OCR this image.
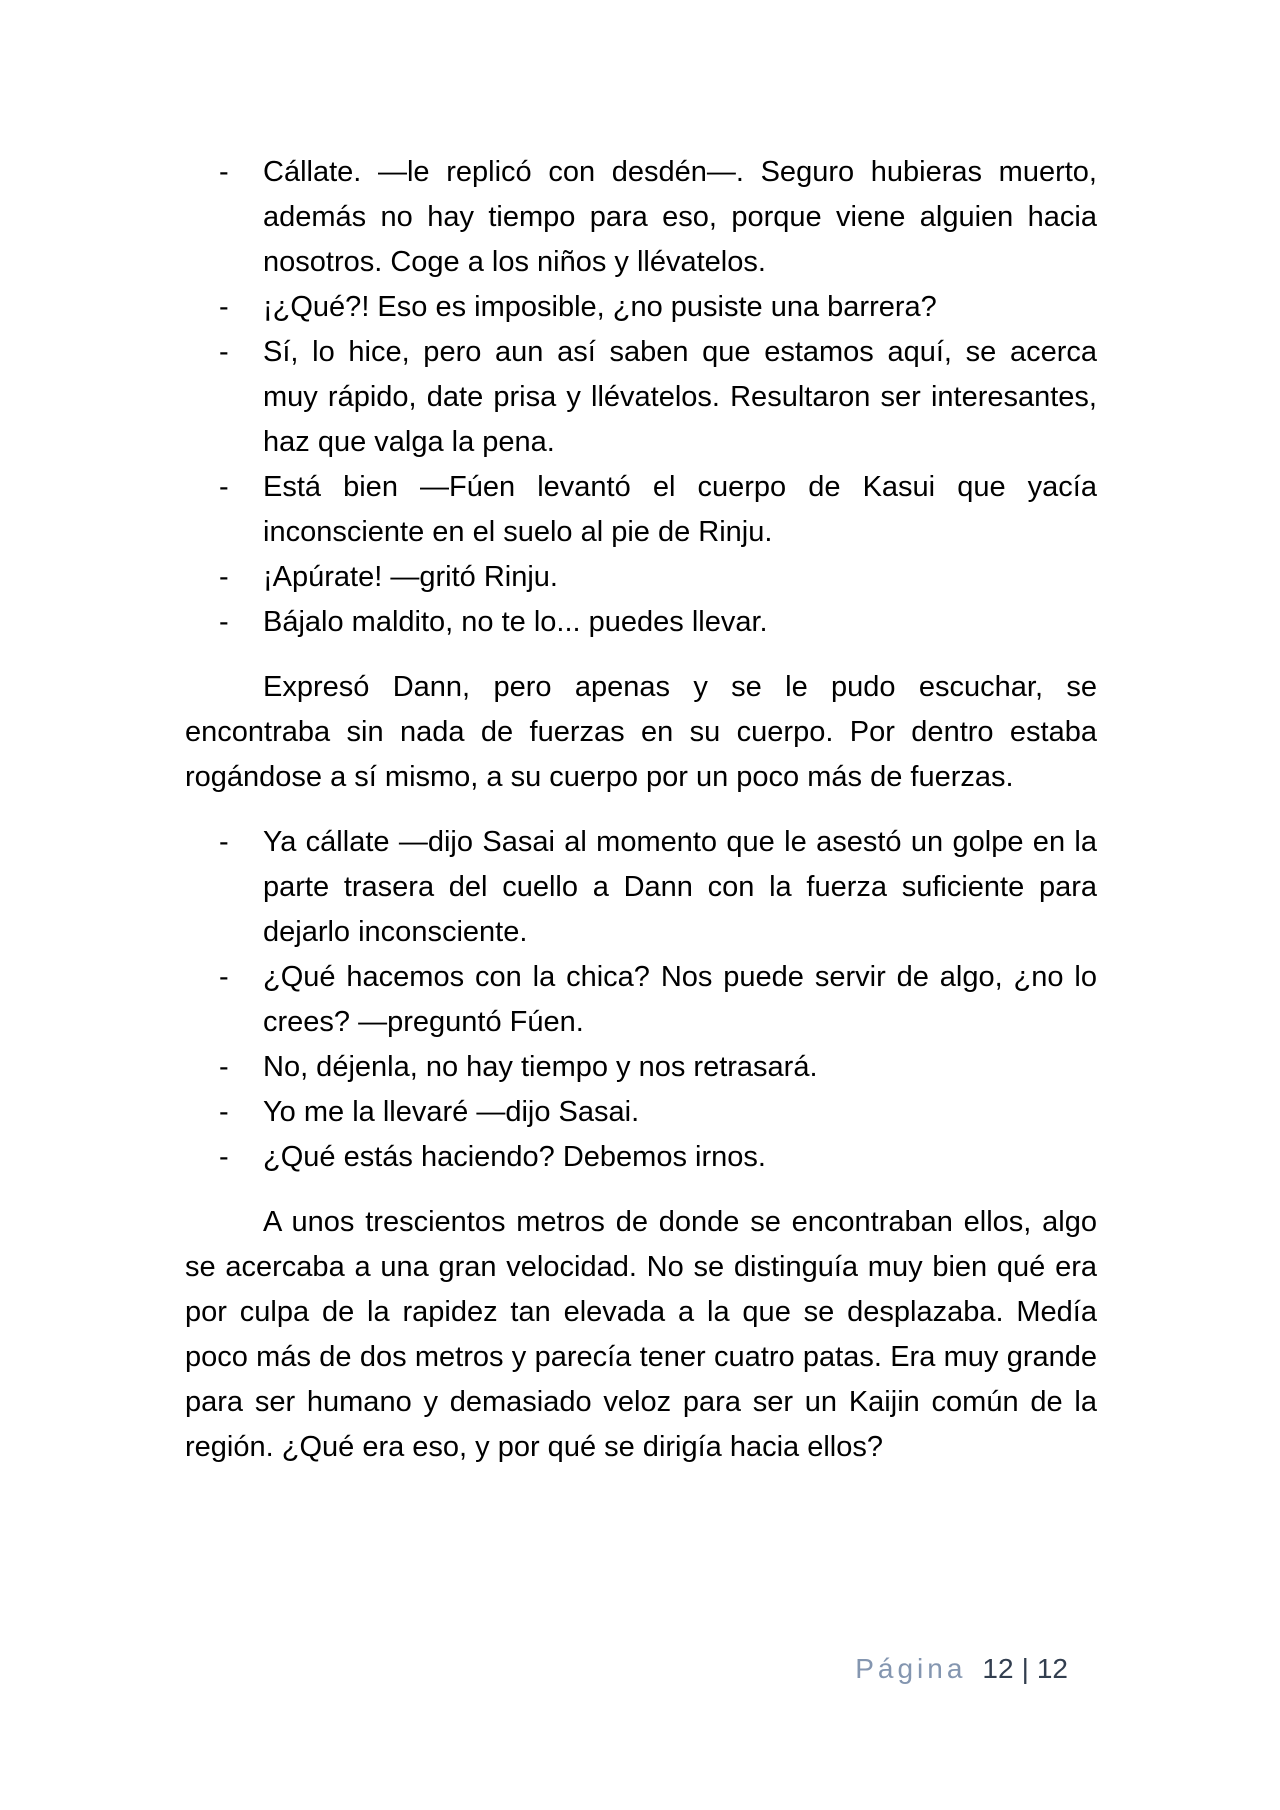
- Cállate. —le replicó con desdén—. Seguro hubieras muerto, además no hay tiempo para eso, porque viene alguien hacia nosotros. Coge a los niños y llévatelos.
- ¡¿Qué?! Eso es imposible, ¿no pusiste una barrera?
- Sí, lo hice, pero aun así saben que estamos aquí, se acerca muy rápido, date prisa y llévatelos. Resultaron ser interesantes, haz que valga la pena.
- Está bien —Fúen levantó el cuerpo de Kasui que yacía inconsciente en el suelo al pie de Rinju.
- ¡Apúrate! —gritó Rinju.
- Bájalo maldito, no te lo... puedes llevar.

Expresó Dann, pero apenas y se le pudo escuchar, se encontraba sin nada de fuerzas en su cuerpo. Por dentro estaba rogándose a sí mismo, a su cuerpo por un poco más de fuerzas.

- Ya cállate —dijo Sasai al momento que le asestó un golpe en la parte trasera del cuello a Dann con la fuerza suficiente para dejarlo inconsciente.
- ¿Qué hacemos con la chica? Nos puede servir de algo, ¿no lo crees? —preguntó Fúen.
- No, déjenla, no hay tiempo y nos retrasará.
- Yo me la llevaré —dijo Sasai.
- ¿Qué estás haciendo? Debemos irnos.

A unos trescientos metros de donde se encontraban ellos, algo se acercaba a una gran velocidad. No se distinguía muy bien qué era por culpa de la rapidez tan elevada a la que se desplazaba. Medía poco más de dos metros y parecía tener cuatro patas. Era muy grande para ser humano y demasiado veloz para ser un Kaijin común de la región. ¿Qué era eso, y por qué se dirigía hacia ellos?

Página 12 | 12
